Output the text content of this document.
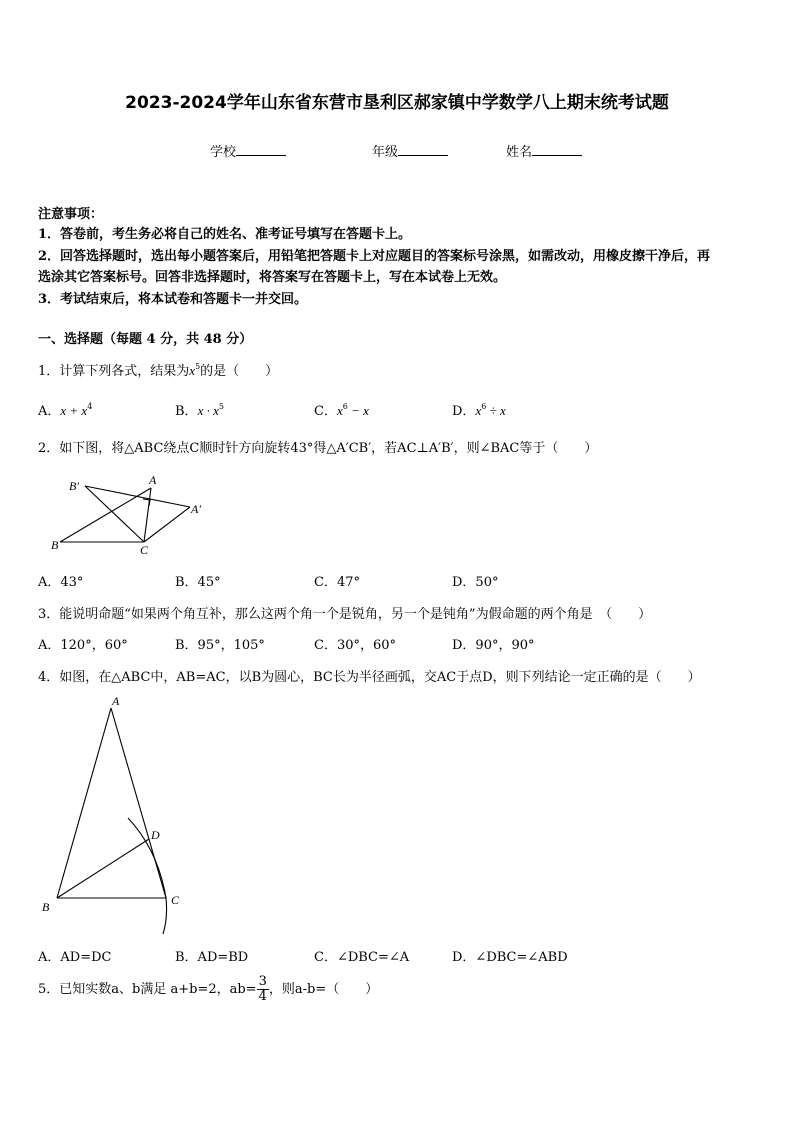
2023-2024学年山东省东营市垦利区郝家镇中学数学八上期末统考试题
学校	年级	姓名
注意事项：
1．答卷前，考生务必将自己的姓名、准考证号填写在答题卡上。
2．回答选择题时，选出每小题答案后，用铅笔把答题卡上对应题目的答案标号涂黑，如需改动，用橡皮擦干净后，再
选涂其它答案标号。回答非选择题时，将答案写在答题卡上，写在本试卷上无效。
3．考试结束后，将本试卷和答题卡一并交回。
一、选择题（每题 4 分，共 48 分）
1．计算下列各式，结果为$x^5$的是（　　）
A．$x + x^4$	B．$x \cdot x^5$	C．$x^6 - x$	D．$x^6 \div x$
2．如下图，将△ABC绕点C顺时针方向旋转43°得△A′CB′，若AC⊥A′B′，则∠BAC等于（　　）
B′	A
A′
B	C
A．43°	B．45°	C．47°	D．50°
3．能说明命题“如果两个角互补，那么这两个角一个是锐角，另一个是钝角”为假命题的两个角是　（　　）
A．120°，60°	B．95°，105°	C．30°，60°	D．90°，90°
4．如图，在△ABC中，AB=AC，以B为圆心，BC长为半径画弧，交AC于点D，则下列结论一定正确的是（　　）
A
B	C
D
A．AD=DC	B．AD=BD	C．∠DBC=∠A	D．∠DBC=∠ABD
5．已知实数a、b满足 a+b=2，$ab= \frac{3}{4}$ ，则a-b=（　　）
